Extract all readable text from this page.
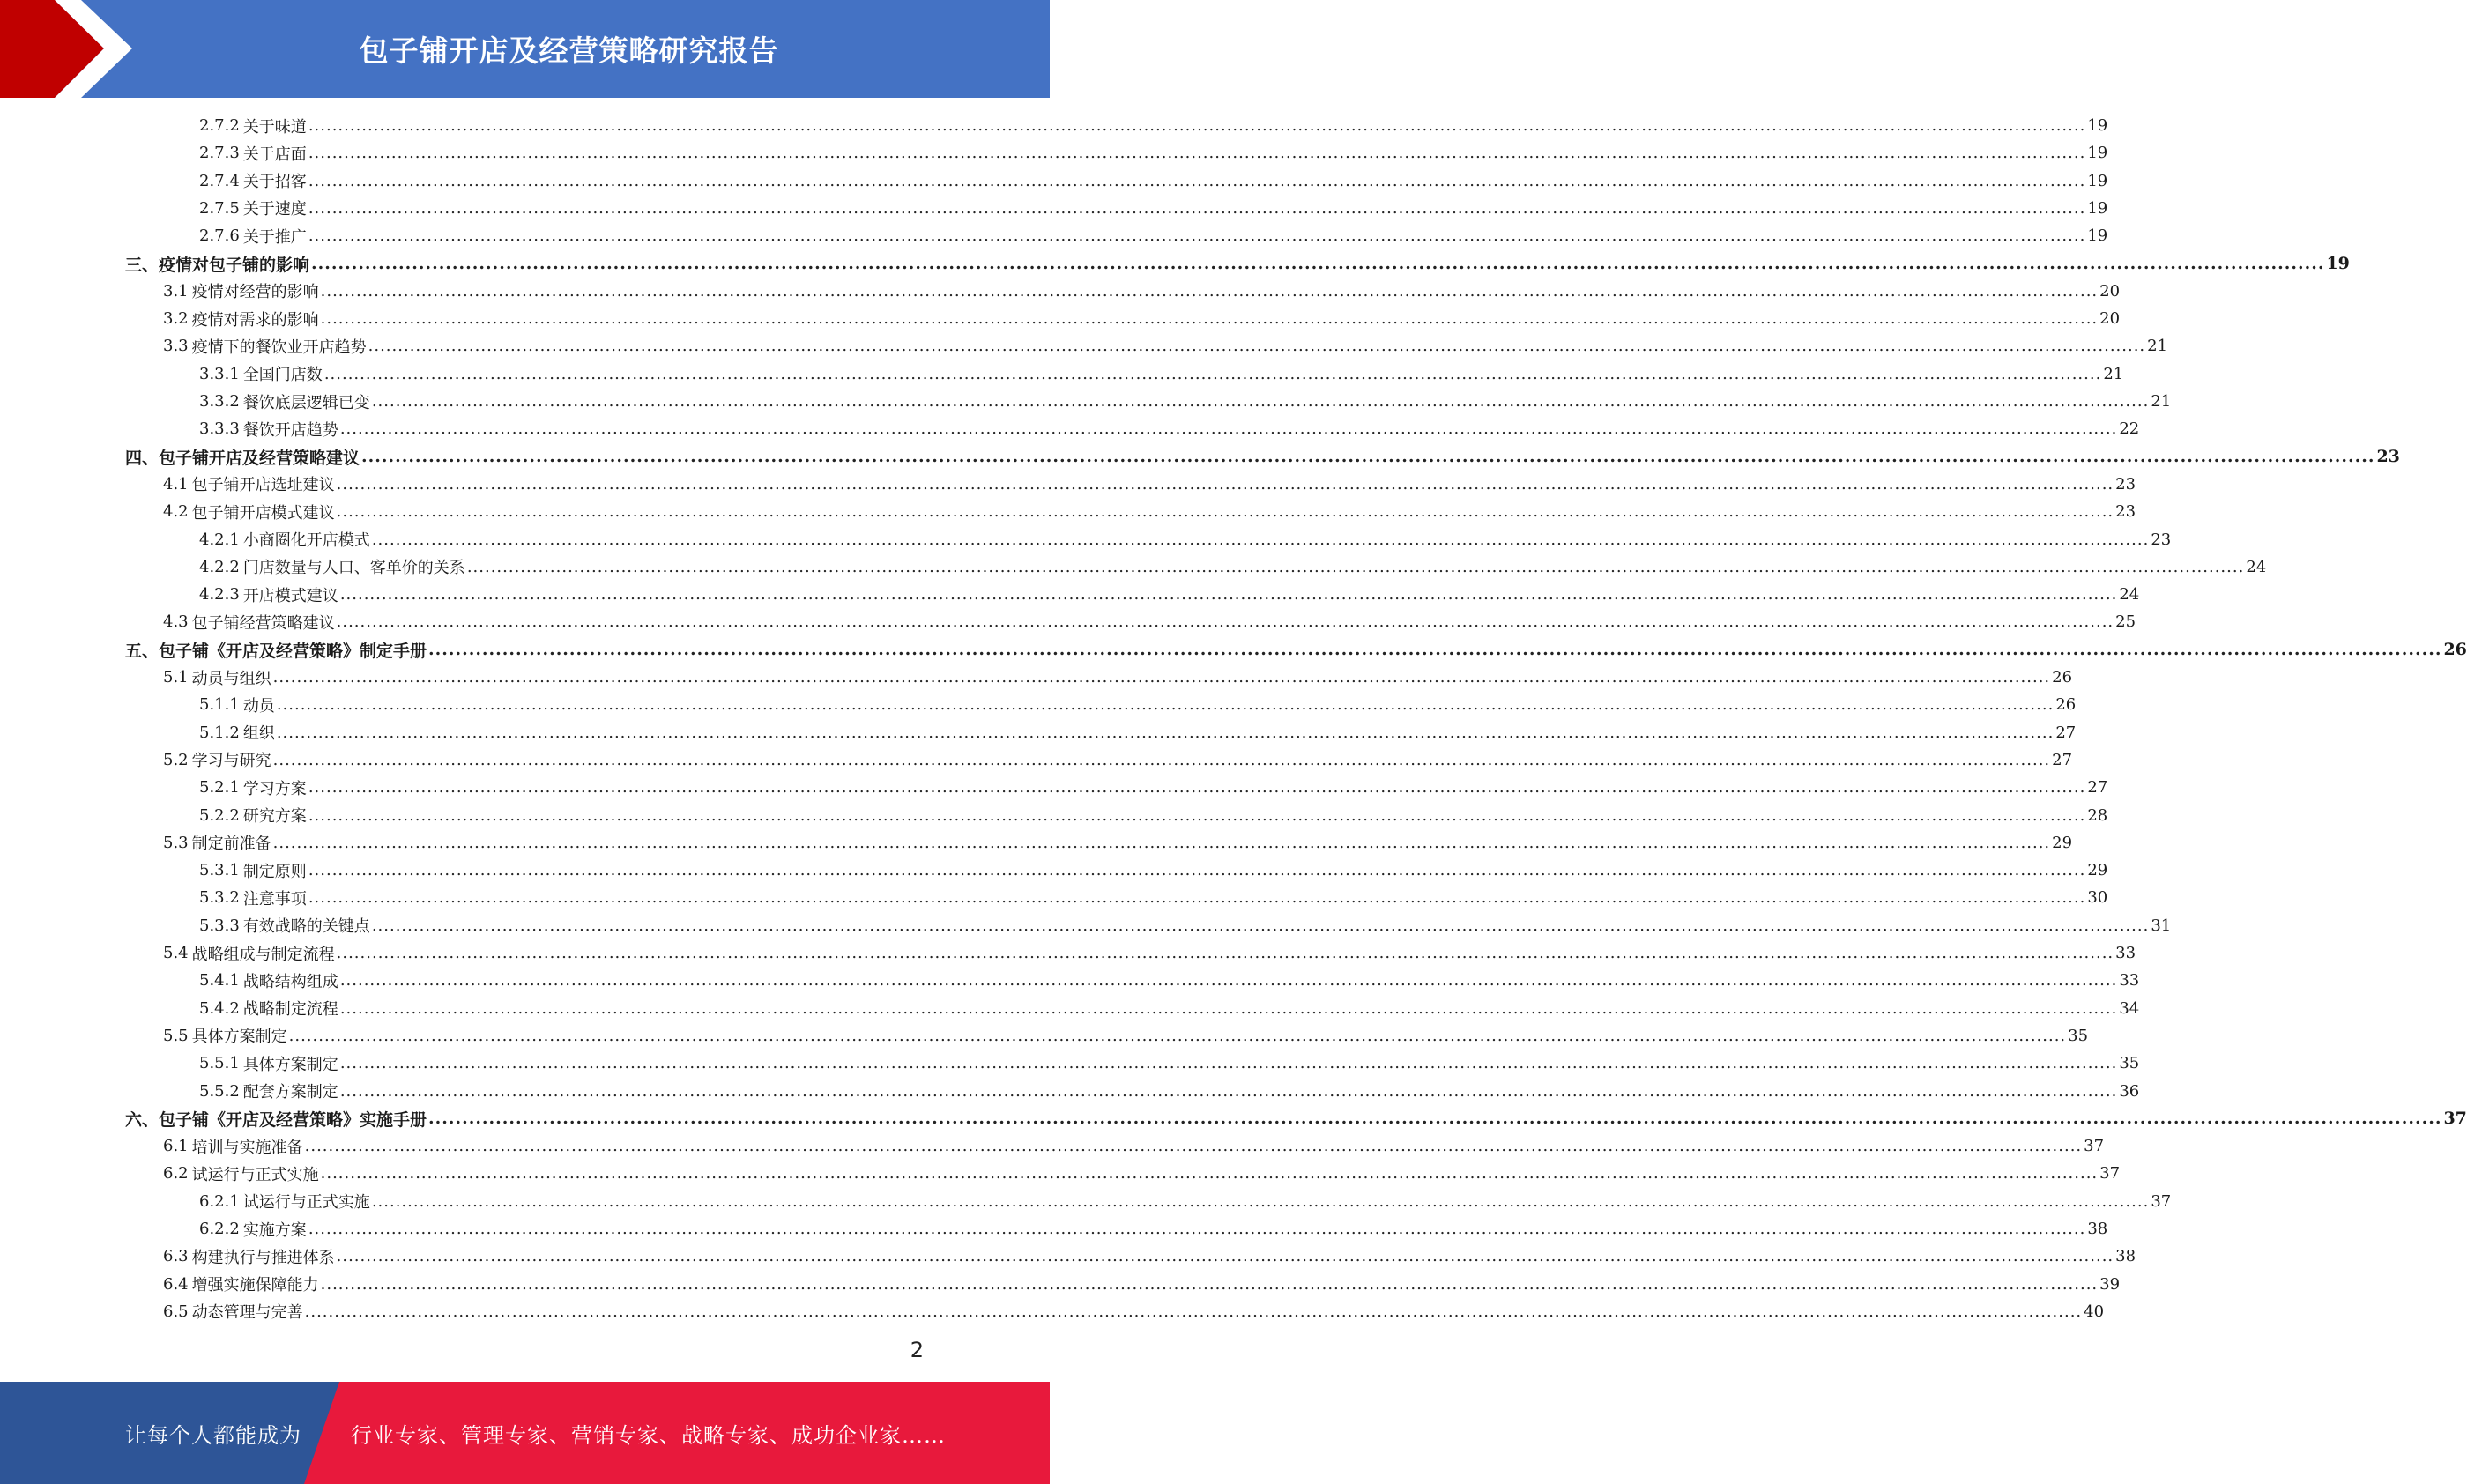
包子铺开店及经营策略研究报告
2.7.2 关于味道 ............................................................................................................................................................................................................................................................................................................ 19
2.7.3 关于店面 ............................................................................................................................................................................................................................................................................................................ 19
2.7.4 关于招客 ............................................................................................................................................................................................................................................................................................................ 19
2.7.5 关于速度 ............................................................................................................................................................................................................................................................................................................ 19
2.7.6 关于推广 ............................................................................................................................................................................................................................................................................................................ 19
三、疫情对包子铺的影响 ............................................................................................................................................................................................................................................................................................................ 19
3.1 疫情对经营的影响 ............................................................................................................................................................................................................................................................................................................ 20
3.2 疫情对需求的影响 ............................................................................................................................................................................................................................................................................................................ 20
3.3 疫情下的餐饮业开店趋势 ............................................................................................................................................................................................................................................................................................................ 21
3.3.1 全国门店数 ............................................................................................................................................................................................................................................................................................................ 21
3.3.2 餐饮底层逻辑已变 ............................................................................................................................................................................................................................................................................................................ 21
3.3.3 餐饮开店趋势 ............................................................................................................................................................................................................................................................................................................ 22
四、包子铺开店及经营策略建议 ............................................................................................................................................................................................................................................................................................................ 23
4.1 包子铺开店选址建议 ............................................................................................................................................................................................................................................................................................................ 23
4.2 包子铺开店模式建议 ............................................................................................................................................................................................................................................................................................................ 23
4.2.1 小商圈化开店模式 ............................................................................................................................................................................................................................................................................................................ 23
4.2.2 门店数量与人口、客单价的关系 ............................................................................................................................................................................................................................................................................................................ 24
4.2.3 开店模式建议 ............................................................................................................................................................................................................................................................................................................ 24
4.3 包子铺经营策略建议 ............................................................................................................................................................................................................................................................................................................ 25
五、包子铺《开店及经营策略》制定手册 ............................................................................................................................................................................................................................................................................................................ 26
5.1 动员与组织 ............................................................................................................................................................................................................................................................................................................ 26
5.1.1 动员 ............................................................................................................................................................................................................................................................................................................ 26
5.1.2 组织 ............................................................................................................................................................................................................................................................................................................ 27
5.2 学习与研究 ............................................................................................................................................................................................................................................................................................................ 27
5.2.1 学习方案 ............................................................................................................................................................................................................................................................................................................ 27
5.2.2 研究方案 ............................................................................................................................................................................................................................................................................................................ 28
5.3 制定前准备 ............................................................................................................................................................................................................................................................................................................ 29
5.3.1 制定原则 ............................................................................................................................................................................................................................................................................................................ 29
5.3.2 注意事项 ............................................................................................................................................................................................................................................................................................................ 30
5.3.3 有效战略的关键点 ............................................................................................................................................................................................................................................................................................................ 31
5.4 战略组成与制定流程 ............................................................................................................................................................................................................................................................................................................ 33
5.4.1 战略结构组成 ............................................................................................................................................................................................................................................................................................................ 33
5.4.2 战略制定流程 ............................................................................................................................................................................................................................................................................................................ 34
5.5 具体方案制定 ............................................................................................................................................................................................................................................................................................................ 35
5.5.1 具体方案制定 ............................................................................................................................................................................................................................................................................................................ 35
5.5.2 配套方案制定 ............................................................................................................................................................................................................................................................................................................ 36
六、包子铺《开店及经营策略》实施手册 ............................................................................................................................................................................................................................................................................................................ 37
6.1 培训与实施准备 ............................................................................................................................................................................................................................................................................................................ 37
6.2 试运行与正式实施 ............................................................................................................................................................................................................................................................................................................ 37
6.2.1 试运行与正式实施 ............................................................................................................................................................................................................................................................................................................ 37
6.2.2 实施方案 ............................................................................................................................................................................................................................................................................................................ 38
6.3 构建执行与推进体系 ............................................................................................................................................................................................................................................................................................................ 38
6.4 增强实施保障能力 ............................................................................................................................................................................................................................................................................................................ 39
6.5 动态管理与完善 ............................................................................................................................................................................................................................................................................................................ 40
2
让每个人都能成为 行业专家、管理专家、营销专家、战略专家、成功企业家……
